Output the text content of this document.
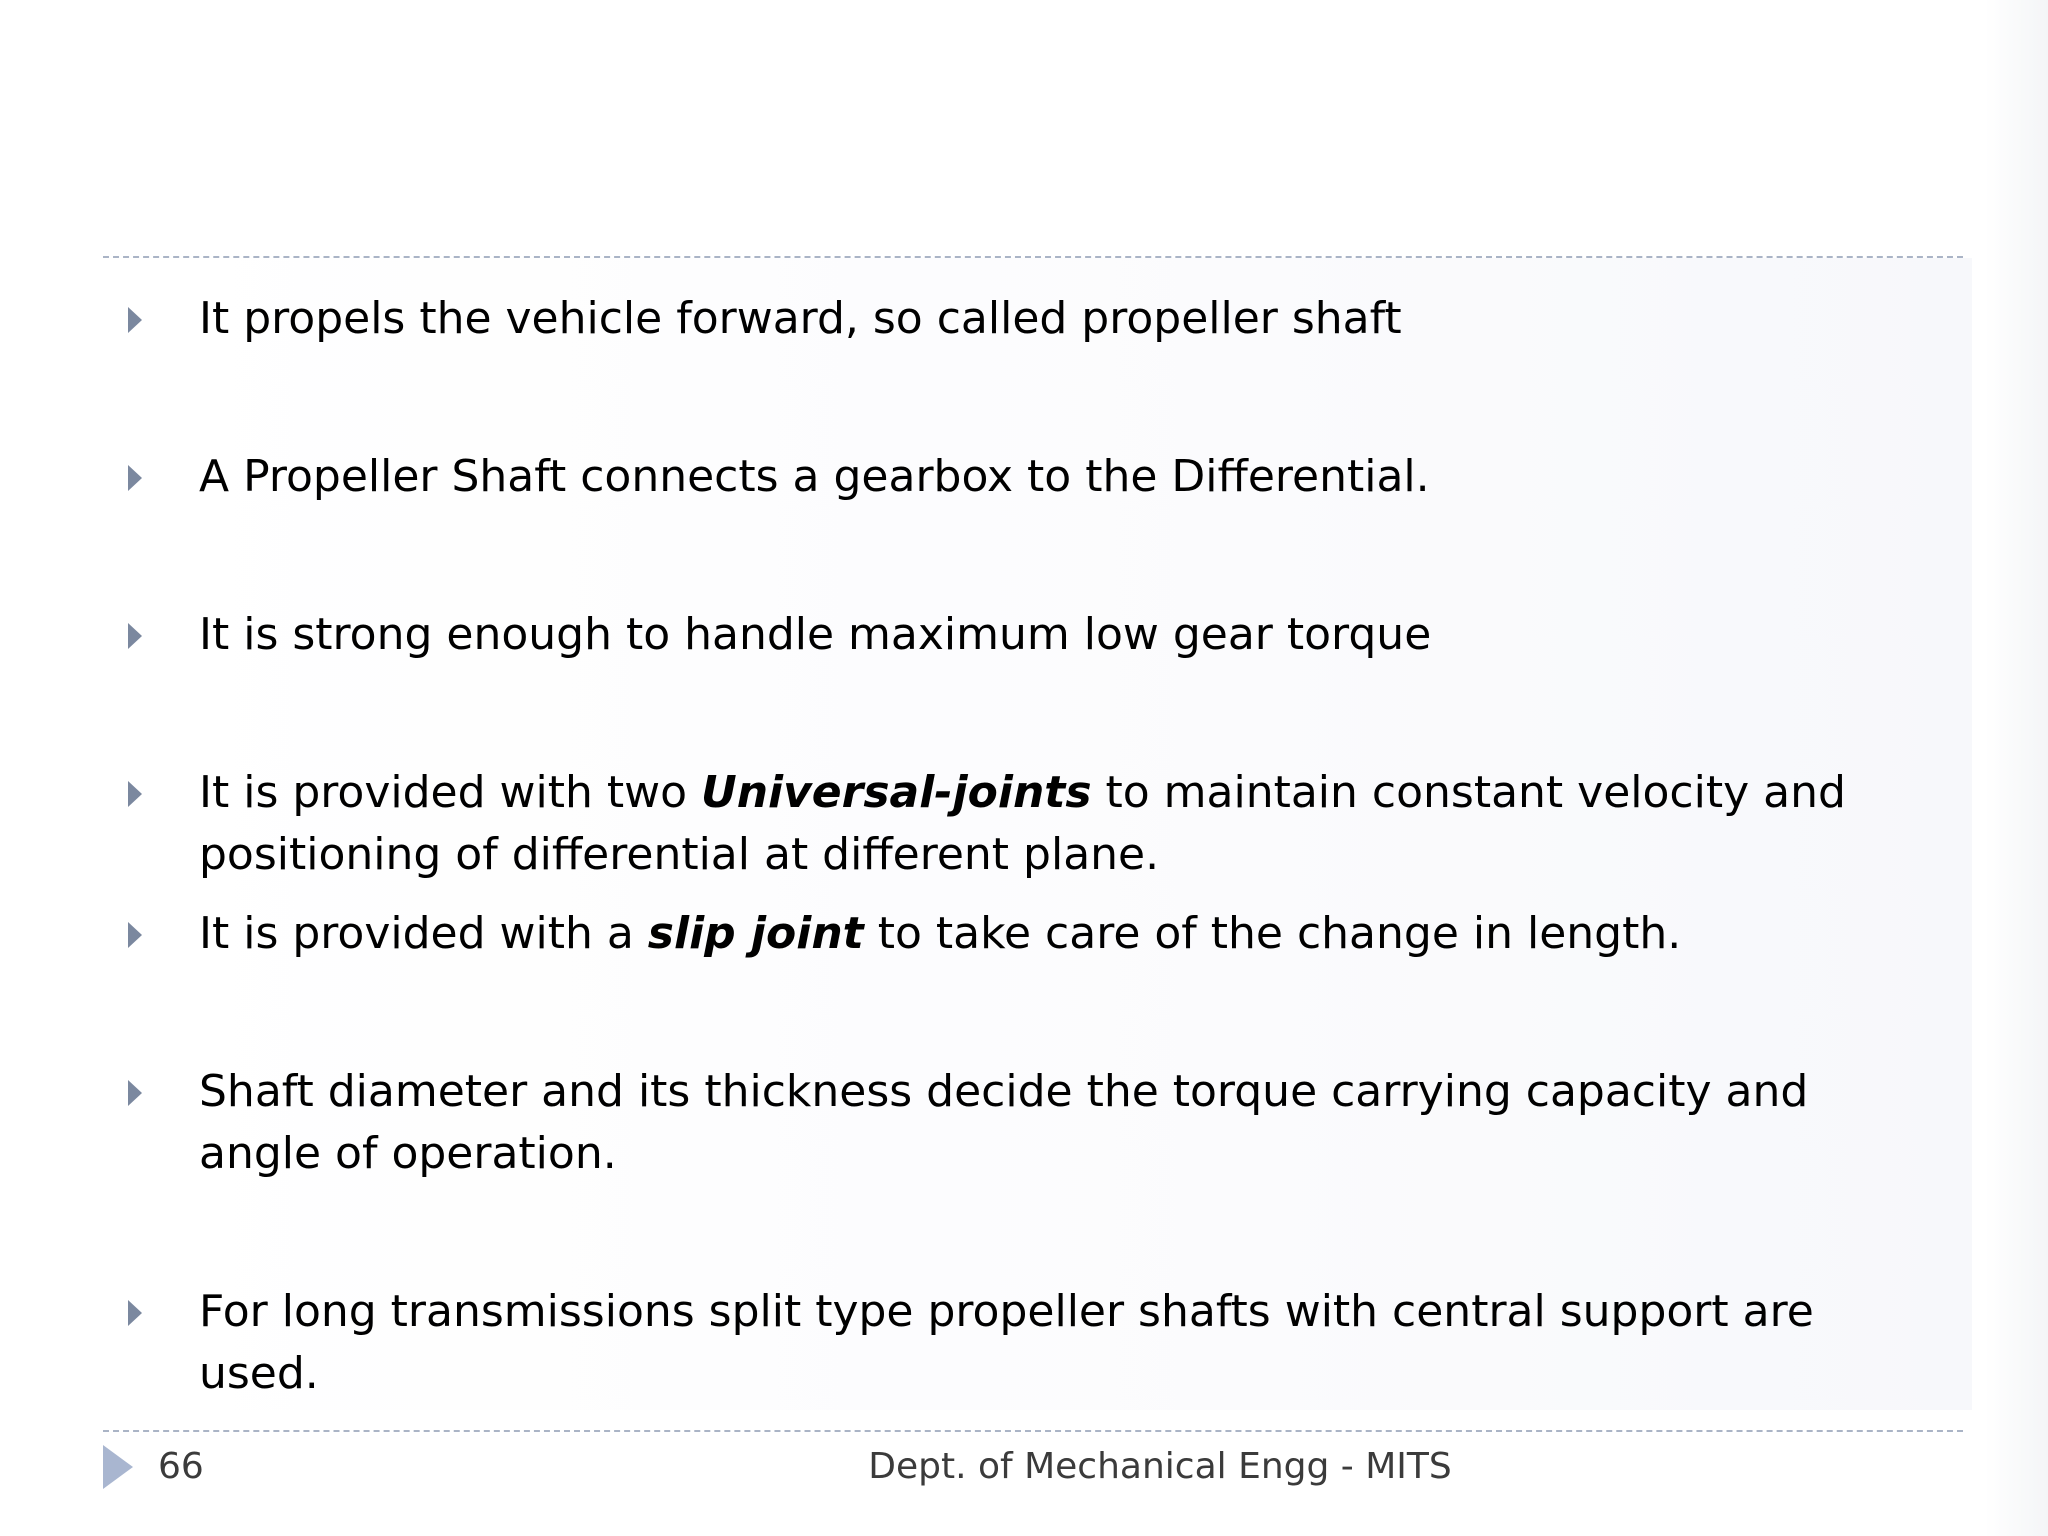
It propels the vehicle forward, so called propeller shaft
A Propeller Shaft connects a gearbox to the Differential.
It is strong enough to handle maximum low gear torque
It is provided with two Universal-joints to maintain constant velocity and positioning of differential at different plane.
It is provided with a slip joint to take care of the change in length.
Shaft diameter and its thickness decide the torque carrying capacity and angle of operation.
For long transmissions split type propeller shafts with central support are used.
66	Dept. of Mechanical Engg - MITS
